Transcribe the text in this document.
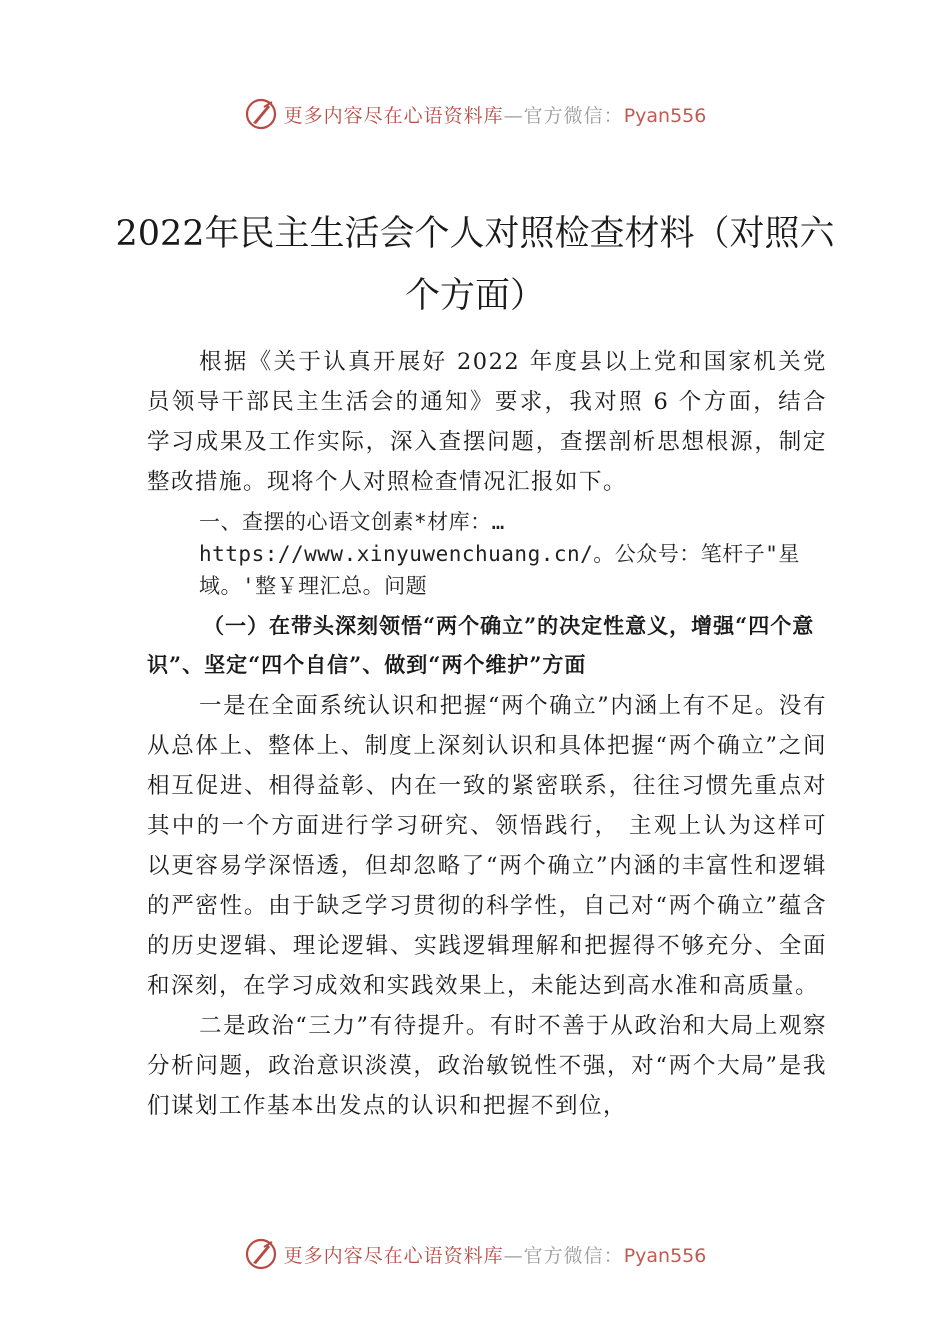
更多内容尽在心语资料库—官方微信：Pyan556
2022年民主生活会个人对照检查材料（对照六个方面）

根据《关于认真开展好 2022 年度县以上党和国家机关党员领导干部民主生活会的通知》要求，我对照 6 个方面，结合学习成果及工作实际，深入查摆问题，查摆剖析思想根源，制定整改措施。现将个人对照检查情况汇报如下。

一、查摆的心语文创素*材库：…https://www.xinyuwenchuang.cn/。公众号：笔杆子"星域。'整￥理汇总。问题

（一）在带头深刻领悟“两个确立”的决定性意义，增强“四个意识”、坚定“四个自信”、做到“两个维护”方面

一是在全面系统认识和把握“两个确立”内涵上有不足。没有从总体上、整体上、制度上深刻认识和具体把握“两个确立”之间相互促进、相得益彰、内在一致的紧密联系，往往习惯先重点对其中的一个方面进行学习研究、领悟践行， 主观上认为这样可以更容易学深悟透，但却忽略了“两个确立”内涵的丰富性和逻辑的严密性。由于缺乏学习贯彻的科学性，自己对“两个确立”蕴含的历史逻辑、理论逻辑、实践逻辑理解和把握得不够充分、全面和深刻，在学习成效和实践效果上，未能达到高水准和高质量。

二是政治“三力”有待提升。有时不善于从政治和大局上观察分析问题，政治意识淡漠，政治敏锐性不强，对“两个大局”是我们谋划工作基本出发点的认识和把握不到位，

更多内容尽在心语资料库—官方微信：Pyan556
